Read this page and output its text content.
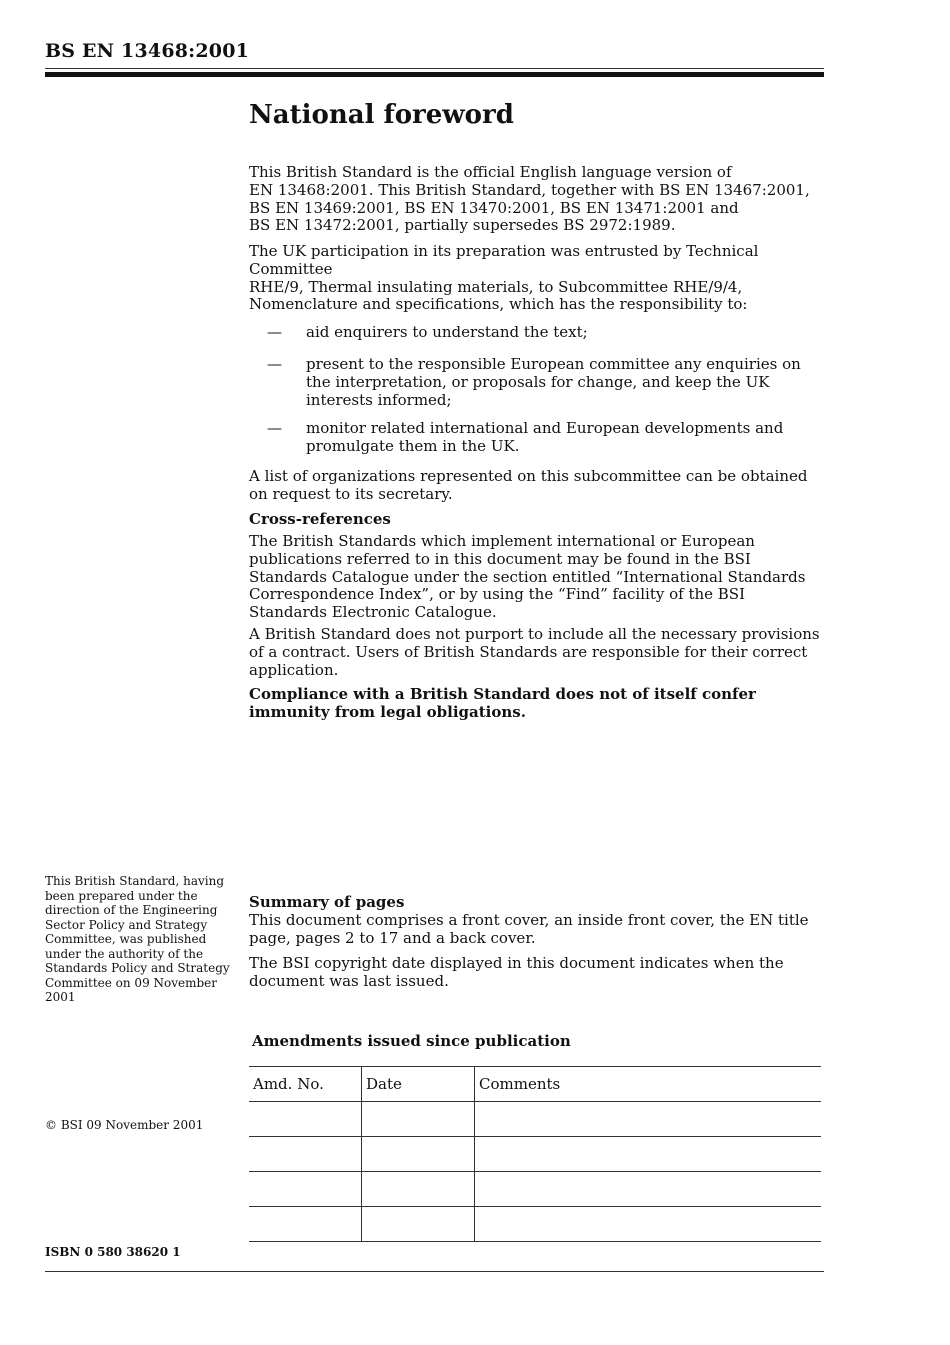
BS EN 13468:2001
National foreword
This British Standard is the official English language version of
EN 13468:2001. This British Standard, together with BS EN 13467:2001,
BS EN 13469:2001, BS EN 13470:2001, BS EN 13471:2001 and
BS EN 13472:2001, partially supersedes BS 2972:1989.
The UK participation in its preparation was entrusted by Technical Committee
RHE/9, Thermal insulating materials, to Subcommittee RHE/9/4,
Nomenclature and specifications, which has the responsibility to:
— aid enquirers to understand the text;
— present to the responsible European committee any enquiries on the interpretation, or proposals for change, and keep the UK interests informed;
— monitor related international and European developments and promulgate them in the UK.
A list of organizations represented on this subcommittee can be obtained on request to its secretary.
Cross-references
The British Standards which implement international or European publications referred to in this document may be found in the BSI Standards Catalogue under the section entitled “International Standards Correspondence Index”, or by using the “Find” facility of the BSI Standards Electronic Catalogue.
A British Standard does not purport to include all the necessary provisions of a contract. Users of British Standards are responsible for their correct application.
Compliance with a British Standard does not of itself confer immunity from legal obligations.
This British Standard, having been prepared under the direction of the Engineering Sector Policy and Strategy Committee, was published under the authority of the Standards Policy and Strategy Committee on 09 November 2001
Summary of pages
This document comprises a front cover, an inside front cover, the EN title page, pages 2 to 17 and a back cover.
The BSI copyright date displayed in this document indicates when the document was last issued.
Amendments issued since publication
Amd. No.	Date	Comments

© BSI 09 November 2001
ISBN 0 580 38620 1
